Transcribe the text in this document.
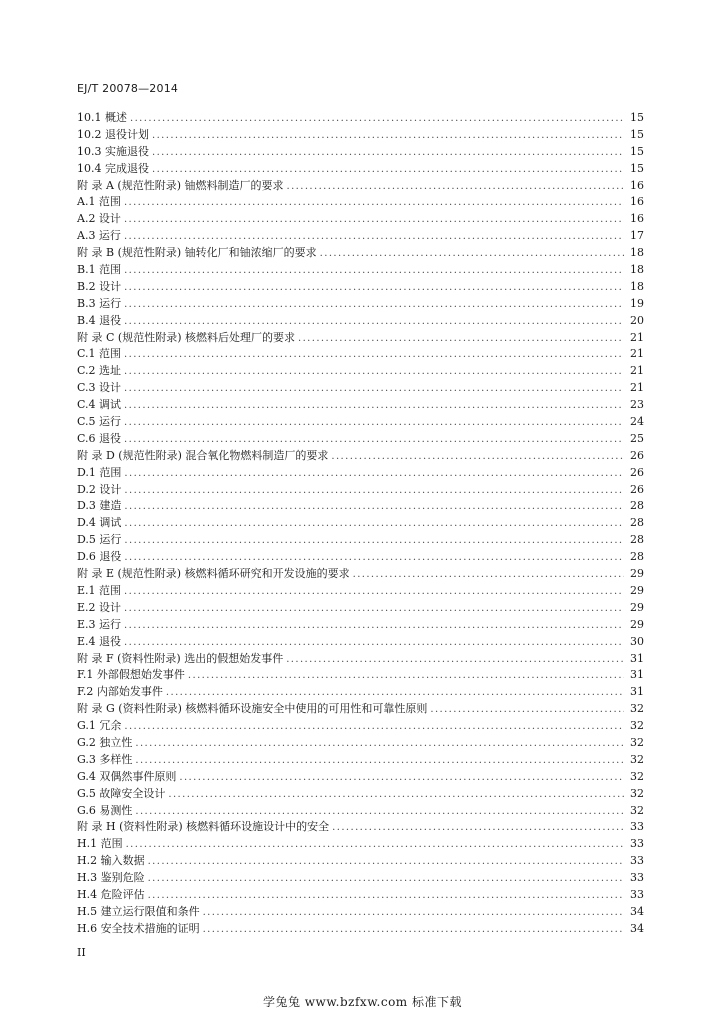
EJ/T 20078—2014
10.1 概述 .....	15
10.2 退役计划 .....	15
10.3 实施退役 .....	15
10.4 完成退役 .....	15
附 录 A (规范性附录) 铀燃料制造厂的要求 .....	16
A.1 范围 .....	16
A.2 设计 .....	16
A.3 运行 .....	17
附 录 B (规范性附录) 铀转化厂和铀浓缩厂的要求 .....	18
B.1 范围 .....	18
B.2 设计 .....	18
B.3 运行 .....	19
B.4 退役 .....	20
附 录 C (规范性附录) 核燃料后处理厂的要求 .....	21
C.1 范围 .....	21
C.2 选址 .....	21
C.3 设计 .....	21
C.4 调试 .....	23
C.5 运行 .....	24
C.6 退役 .....	25
附 录 D (规范性附录) 混合氧化物燃料制造厂的要求 .....	26
D.1 范围 .....	26
D.2 设计 .....	26
D.3 建造 .....	28
D.4 调试 .....	28
D.5 运行 .....	28
D.6 退役 .....	28
附 录 E (规范性附录) 核燃料循环研究和开发设施的要求 .....	29
E.1 范围 .....	29
E.2 设计 .....	29
E.3 运行 .....	29
E.4 退役 .....	30
附 录 F (资料性附录) 选出的假想始发事件 .....	31
F.1 外部假想始发事件 .....	31
F.2 内部始发事件 .....	31
附 录 G (资料性附录) 核燃料循环设施安全中使用的可用性和可靠性原则 .....	32
G.1 冗余 .....	32
G.2 独立性 .....	32
G.3 多样性 .....	32
G.4 双偶然事件原则 .....	32
G.5 故障安全设计 .....	32
G.6 易测性 .....	32
附 录 H (资料性附录) 核燃料循环设施设计中的安全 .....	33
H.1 范围 .....	33
H.2 输入数据 .....	33
H.3 鉴别危险 .....	33
H.4 危险评估 .....	33
H.5 建立运行限值和条件 .....	34
H.6 安全技术措施的证明 .....	34
II
学兔兔 www.bzfxw.com 标准下载
